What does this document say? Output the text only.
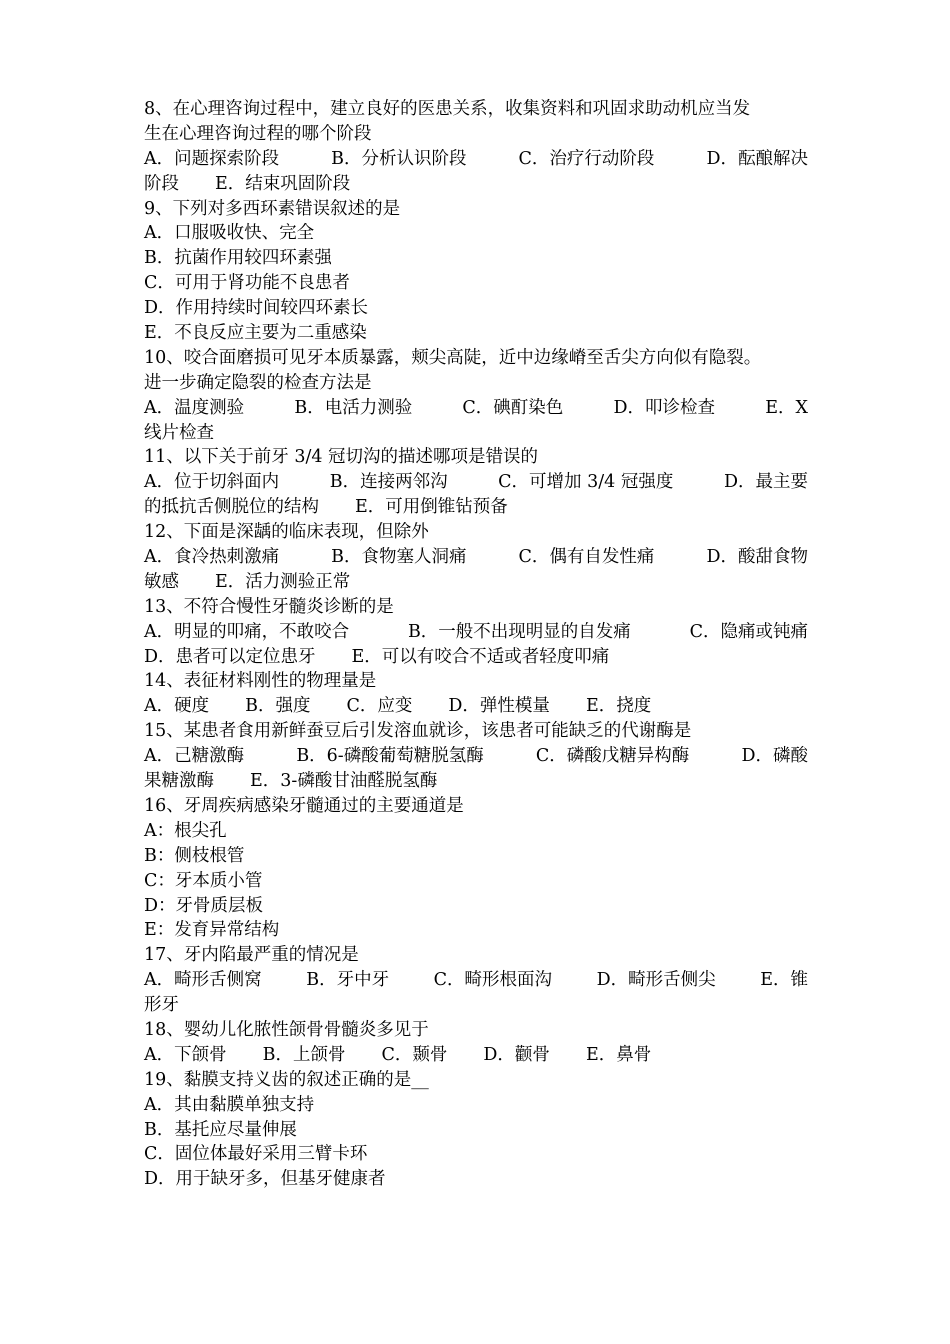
8、在心理咨询过程中，建立良好的医患关系，收集资料和巩固求助动机应当发
生在心理咨询过程的哪个阶段
A．问题探索阶段	B．分析认识阶段	C．治疗行动阶段	D．酝酿解决
阶段 E．结束巩固阶段
9、下列对多西环素错误叙述的是
A．口服吸收快、完全
B．抗菌作用较四环素强
C．可用于肾功能不良患者
D．作用持续时间较四环素长
E．不良反应主要为二重感染
10、咬合面磨损可见牙本质暴露，颊尖高陡，近中边缘嵴至舌尖方向似有隐裂。
进一步确定隐裂的检查方法是
A．温度测验	B．电活力测验	C．碘酊染色	D．叩诊检查	E．X
线片检查
11、以下关于前牙 3/4 冠切沟的描述哪项是错误的
A．位于切斜面内	B．连接两邻沟	C．可增加 3/4 冠强度	D．最主要
的抵抗舌侧脱位的结构 E．可用倒锥钻预备
12、下面是深龋的临床表现，但除外
A．食冷热刺激痛	B．食物塞人洞痛	C．偶有自发性痛	D．酸甜食物
敏感 E．活力测验正常
13、不符合慢性牙髓炎诊断的是
A．明显的叩痛，不敢咬合	B．一般不出现明显的自发痛	C．隐痛或钝痛
D．患者可以定位患牙 E．可以有咬合不适或者轻度叩痛
14、表征材料刚性的物理量是
A．硬度 B．强度 C．应变 D．弹性模量 E．挠度
15、某患者食用新鲜蚕豆后引发溶血就诊，该患者可能缺乏的代谢酶是
A．己糖激酶	B．6-磷酸葡萄糖脱氢酶	C．磷酸戊糖异构酶	D．磷酸
果糖激酶 E．3-磷酸甘油醛脱氢酶
16、牙周疾病感染牙髓通过的主要通道是
A：根尖孔
B：侧枝根管
C：牙本质小管
D：牙骨质层板
E：发育异常结构
17、牙内陷最严重的情况是
A．畸形舌侧窝	B．牙中牙	C．畸形根面沟	D．畸形舌侧尖	E．锥
形牙
18、婴幼儿化脓性颌骨骨髓炎多见于
A．下颌骨 B．上颌骨 C．颞骨 D．颧骨 E．鼻骨
19、黏膜支持义齿的叙述正确的是__
A．其由黏膜单独支持
B．基托应尽量伸展
C．固位体最好采用三臂卡环
D．用于缺牙多，但基牙健康者
